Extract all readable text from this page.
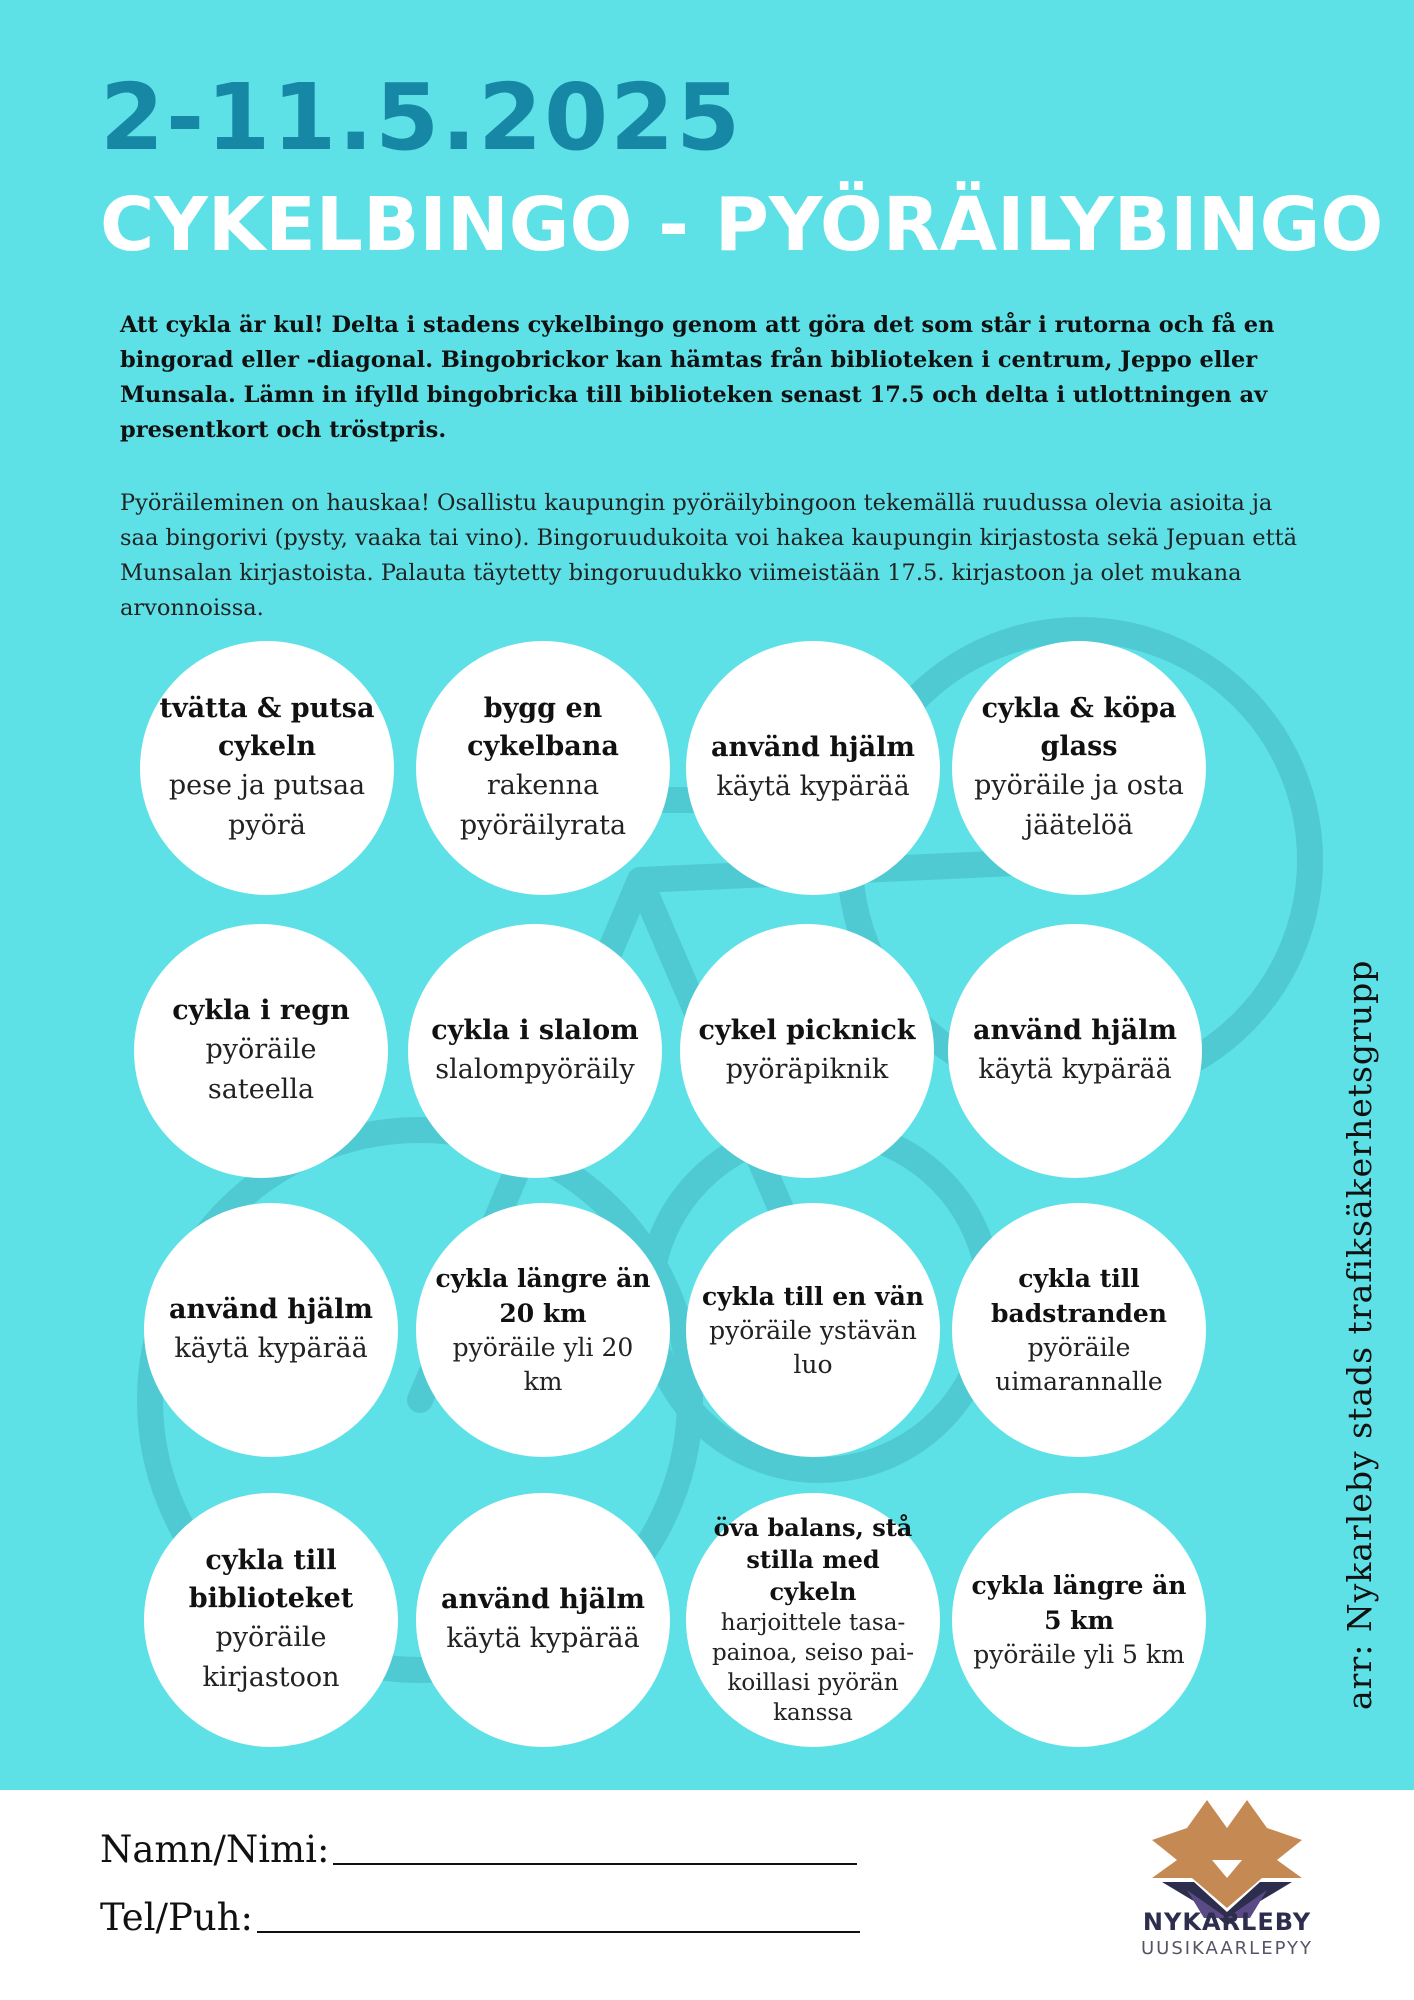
2-11.5.2025
CYKELBINGO - PYÖRÄILYBINGO

Att cykla är kul! Delta i stadens cykelbingo genom att göra det som står i rutorna och få en bingorad eller -diagonal. Bingobrickor kan hämtas från biblioteken i centrum, Jeppo eller Munsala. Lämn in ifylld bingobricka till biblioteken senast 17.5 och delta i utlottningen av presentkort och tröstpris.

Pyöräileminen on hauskaa! Osallistu kaupungin pyöräilybingoon tekemällä ruudussa olevia asioita ja saa bingorivi (pysty, vaaka tai vino). Bingoruudukoita voi hakea kaupungin kirjastosta sekä Jepuan että Munsalan kirjastoista. Palauta täytetty bingoruudukko viimeistään 17.5. kirjastoon ja olet mukana arvonnoissa.

tvätta & putsa cykeln
pese ja putsaa pyörä
bygg en cykelbana
rakenna pyöräilyrata
använd hjälm
käytä kypärää
cykla & köpa glass
pyöräile ja osta jäätelöä
cykla i regn
pyöräile sateella
cykla i slalom
slalompyöräily
cykel picknick
pyöräpiknik
använd hjälm
käytä kypärää
använd hjälm
käytä kypärää
cykla längre än 20 km
pyöräile yli 20 km
cykla till en vän
pyöräile ystävän luo
cykla till badstranden
pyöräile uimarannalle
cykla till biblioteket
pyöräile kirjastoon
använd hjälm
käytä kypärää
öva balans, stå stilla med cykeln
harjoittele tasa-painoa, seiso pai-koillasi pyörän kanssa
cykla längre än 5 km
pyöräile yli 5 km	arr: Nykarleby stads trafiksäkerhetsgrupp

Namn/Nimi:
Tel/Puh:	NYKARLEBY

UUSIKAARLEPYY
